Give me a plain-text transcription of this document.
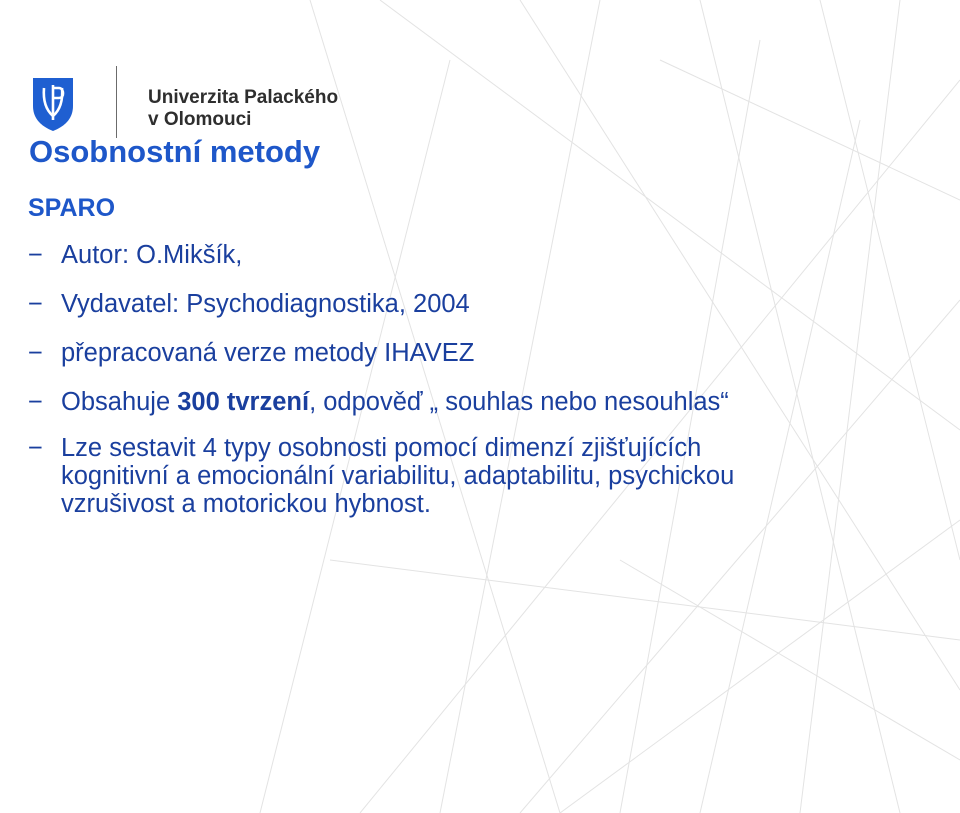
Univerzita Palackého
v Olomouci
Osobnostní metody
SPARO
− Autor: O.Mikšík,
− Vydavatel: Psychodiagnostika, 2004
− přepracovaná verze metody IHAVEZ
− Obsahuje 300 tvrzení, odpověď „ souhlas nebo nesouhlas“
− Lze sestavit 4 typy osobnosti pomocí dimenzí zjišťujících
kognitivní a emocionální variabilitu, adaptabilitu, psychickou
vzrušivost a motorickou hybnost.
